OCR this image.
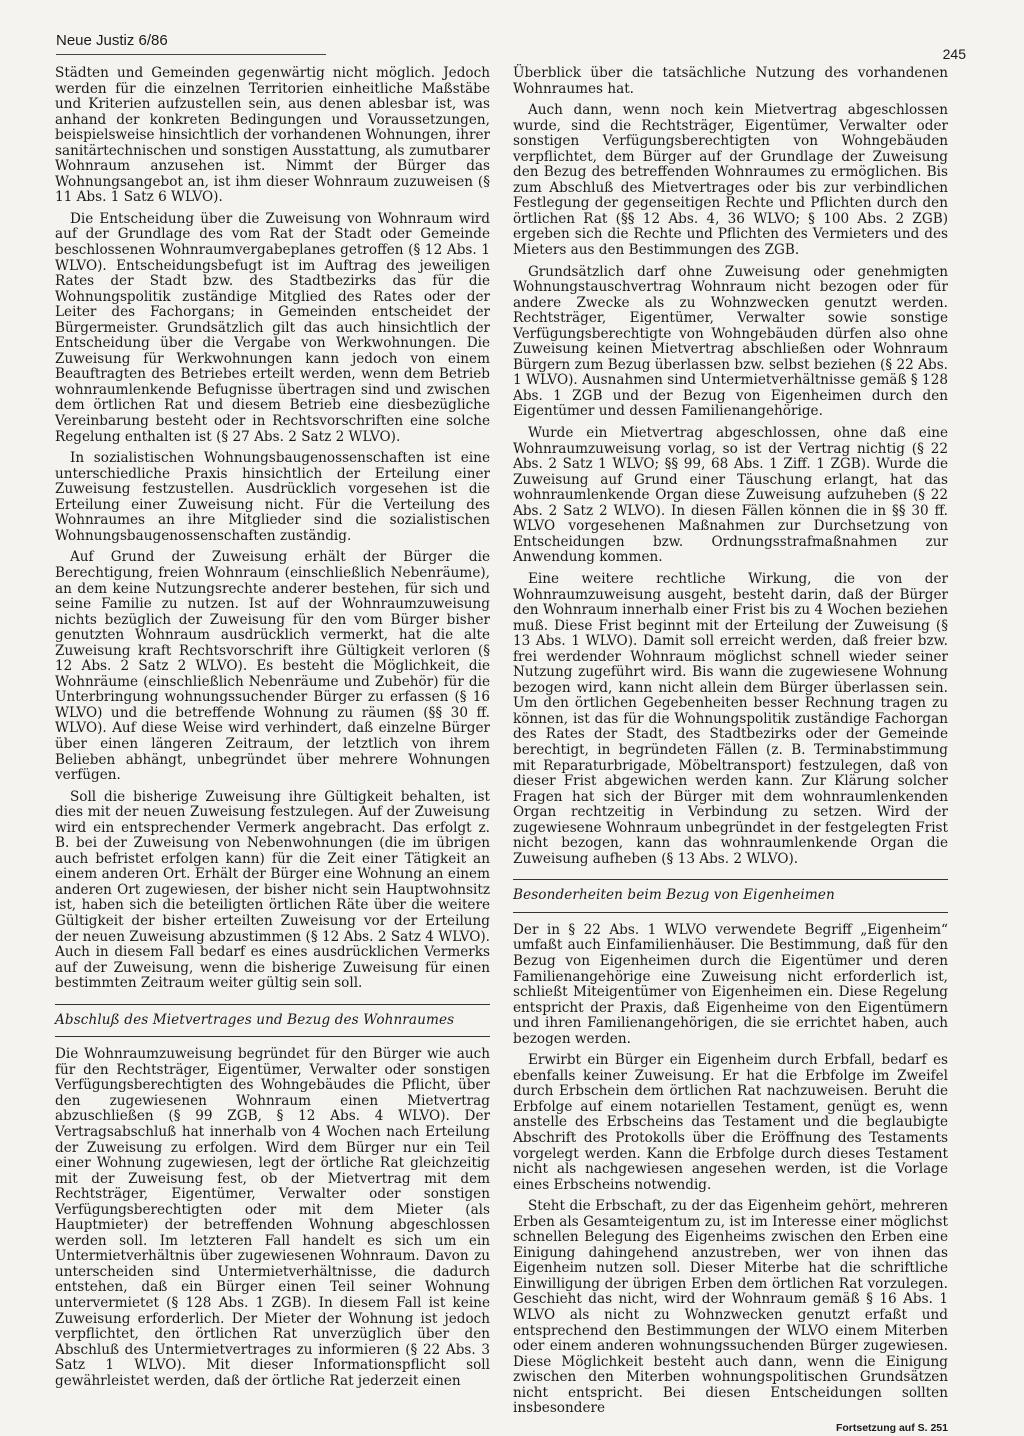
Neue Justiz 6/86
245

Städten und Gemeinden gegenwärtig nicht möglich. Jedoch werden für die einzelnen Territorien einheitliche Maßstäbe und Kriterien aufzustellen sein, aus denen ablesbar ist, was anhand der konkreten Bedingungen und Voraussetzungen, beispielsweise hinsichtlich der vorhandenen Wohnungen, ihrer sanitärtechnischen und sonstigen Ausstattung, als zumutbarer Wohnraum anzusehen ist. Nimmt der Bürger das Wohnungsangebot an, ist ihm dieser Wohnraum zuzuweisen (§ 11 Abs. 1 Satz 6 WLVO).

Die Entscheidung über die Zuweisung von Wohnraum wird auf der Grundlage des vom Rat der Stadt oder Gemeinde beschlossenen Wohnraumvergabeplanes getroffen (§ 12 Abs. 1 WLVO). Entscheidungsbefugt ist im Auftrag des jeweiligen Rates der Stadt bzw. des Stadtbezirks das für die Wohnungspolitik zuständige Mitglied des Rates oder der Leiter des Fachorgans; in Gemeinden entscheidet der Bürgermeister. Grundsätzlich gilt das auch hinsichtlich der Entscheidung über die Vergabe von Werkwohnungen. Die Zuweisung für Werkwohnungen kann jedoch von einem Beauftragten des Betriebes erteilt werden, wenn dem Betrieb wohnraumlenkende Befugnisse übertragen sind und zwischen dem örtlichen Rat und diesem Betrieb eine diesbezügliche Vereinbarung besteht oder in Rechtsvorschriften eine solche Regelung enthalten ist (§ 27 Abs. 2 Satz 2 WLVO).

In sozialistischen Wohnungsbaugenossenschaften ist eine unterschiedliche Praxis hinsichtlich der Erteilung einer Zuweisung festzustellen. Ausdrücklich vorgesehen ist die Erteilung einer Zuweisung nicht. Für die Verteilung des Wohnraumes an ihre Mitglieder sind die sozialistischen Wohnungsbaugenossenschaften zuständig.

Auf Grund der Zuweisung erhält der Bürger die Berechtigung, freien Wohnraum (einschließlich Nebenräume), an dem keine Nutzungsrechte anderer bestehen, für sich und seine Familie zu nutzen. Ist auf der Wohnraumzuweisung nichts bezüglich der Zuweisung für den vom Bürger bisher genutzten Wohnraum ausdrücklich vermerkt, hat die alte Zuweisung kraft Rechtsvorschrift ihre Gültigkeit verloren (§ 12 Abs. 2 Satz 2 WLVO). Es besteht die Möglichkeit, die Wohnräume (einschließlich Nebenräume und Zubehör) für die Unterbringung wohnungssuchender Bürger zu erfassen (§ 16 WLVO) und die betreffende Wohnung zu räumen (§§ 30 ff. WLVO). Auf diese Weise wird verhindert, daß einzelne Bürger über einen längeren Zeitraum, der letztlich von ihrem Belieben abhängt, unbegründet über mehrere Wohnungen verfügen.

Soll die bisherige Zuweisung ihre Gültigkeit behalten, ist dies mit der neuen Zuweisung festzulegen. Auf der Zuweisung wird ein entsprechender Vermerk angebracht. Das erfolgt z. B. bei der Zuweisung von Nebenwohnungen (die im übrigen auch befristet erfolgen kann) für die Zeit einer Tätigkeit an einem anderen Ort. Erhält der Bürger eine Wohnung an einem anderen Ort zugewiesen, der bisher nicht sein Hauptwohnsitz ist, haben sich die beteiligten örtlichen Räte über die weitere Gültigkeit der bisher erteilten Zuweisung vor der Erteilung der neuen Zuweisung abzustimmen (§ 12 Abs. 2 Satz 4 WLVO). Auch in diesem Fall bedarf es eines ausdrücklichen Vermerks auf der Zuweisung, wenn die bisherige Zuweisung für einen bestimmten Zeitraum weiter gültig sein soll.

Abschluß des Mietvertrages und Bezug des Wohnraumes

Die Wohnraumzuweisung begründet für den Bürger wie auch für den Rechtsträger, Eigentümer, Verwalter oder sonstigen Verfügungsberechtigten des Wohngebäudes die Pflicht, über den zugewiesenen Wohnraum einen Mietvertrag abzuschließen (§ 99 ZGB, § 12 Abs. 4 WLVO). Der Vertragsabschluß hat innerhalb von 4 Wochen nach Erteilung der Zuweisung zu erfolgen. Wird dem Bürger nur ein Teil einer Wohnung zugewiesen, legt der örtliche Rat gleichzeitig mit der Zuweisung fest, ob der Mietvertrag mit dem Rechtsträger, Eigentümer, Verwalter oder sonstigen Verfügungsberechtigten oder mit dem Mieter (als Hauptmieter) der betreffenden Wohnung abgeschlossen werden soll. Im letzteren Fall handelt es sich um ein Untermietverhältnis über zugewiesenen Wohnraum. Davon zu unterscheiden sind Untermietverhältnisse, die dadurch entstehen, daß ein Bürger einen Teil seiner Wohnung untervermietet (§ 128 Abs. 1 ZGB). In diesem Fall ist keine Zuweisung erforderlich. Der Mieter der Wohnung ist jedoch verpflichtet, den örtlichen Rat unverzüglich über den Abschluß des Untermietvertrages zu informieren (§ 22 Abs. 3 Satz 1 WLVO). Mit dieser Informationspflicht soll gewährleistet werden, daß der örtliche Rat jederzeit einen

Überblick über die tatsächliche Nutzung des vorhandenen Wohnraumes hat.

Auch dann, wenn noch kein Mietvertrag abgeschlossen wurde, sind die Rechtsträger, Eigentümer, Verwalter oder sonstigen Verfügungsberechtigten von Wohngebäuden verpflichtet, dem Bürger auf der Grundlage der Zuweisung den Bezug des betreffenden Wohnraumes zu ermöglichen. Bis zum Abschluß des Mietvertrages oder bis zur verbindlichen Festlegung der gegenseitigen Rechte und Pflichten durch den örtlichen Rat (§§ 12 Abs. 4, 36 WLVO; § 100 Abs. 2 ZGB) ergeben sich die Rechte und Pflichten des Vermieters und des Mieters aus den Bestimmungen des ZGB.

Grundsätzlich darf ohne Zuweisung oder genehmigten Wohnungstauschvertrag Wohnraum nicht bezogen oder für andere Zwecke als zu Wohnzwecken genutzt werden. Rechtsträger, Eigentümer, Verwalter sowie sonstige Verfügungsberechtigte von Wohngebäuden dürfen also ohne Zuweisung keinen Mietvertrag abschließen oder Wohnraum Bürgern zum Bezug überlassen bzw. selbst beziehen (§ 22 Abs. 1 WLVO). Ausnahmen sind Untermietverhältnisse gemäß § 128 Abs. 1 ZGB und der Bezug von Eigenheimen durch den Eigentümer und dessen Familienangehörige.

Wurde ein Mietvertrag abgeschlossen, ohne daß eine Wohnraumzuweisung vorlag, so ist der Vertrag nichtig (§ 22 Abs. 2 Satz 1 WLVO; §§ 99, 68 Abs. 1 Ziff. 1 ZGB). Wurde die Zuweisung auf Grund einer Täuschung erlangt, hat das wohnraumlenkende Organ diese Zuweisung aufzuheben (§ 22 Abs. 2 Satz 2 WLVO). In diesen Fällen können die in §§ 30 ff. WLVO vorgesehenen Maßnahmen zur Durchsetzung von Entscheidungen bzw. Ordnungsstrafmaßnahmen zur Anwendung kommen.

Eine weitere rechtliche Wirkung, die von der Wohnraumzuweisung ausgeht, besteht darin, daß der Bürger den Wohnraum innerhalb einer Frist bis zu 4 Wochen beziehen muß. Diese Frist beginnt mit der Erteilung der Zuweisung (§ 13 Abs. 1 WLVO). Damit soll erreicht werden, daß freier bzw. frei werdender Wohnraum möglichst schnell wieder seiner Nutzung zugeführt wird. Bis wann die zugewiesene Wohnung bezogen wird, kann nicht allein dem Bürger überlassen sein. Um den örtlichen Gegebenheiten besser Rechnung tragen zu können, ist das für die Wohnungspolitik zuständige Fachorgan des Rates der Stadt, des Stadtbezirks oder der Gemeinde berechtigt, in begründeten Fällen (z. B. Terminabstimmung mit Reparaturbrigade, Möbeltransport) festzulegen, daß von dieser Frist abgewichen werden kann. Zur Klärung solcher Fragen hat sich der Bürger mit dem wohnraumlenkenden Organ rechtzeitig in Verbindung zu setzen. Wird der zugewiesene Wohnraum unbegründet in der festgelegten Frist nicht bezogen, kann das wohnraumlenkende Organ die Zuweisung aufheben (§ 13 Abs. 2 WLVO).

Besonderheiten beim Bezug von Eigenheimen

Der in § 22 Abs. 1 WLVO verwendete Begriff „Eigenheim“ umfaßt auch Einfamilienhäuser. Die Bestimmung, daß für den Bezug von Eigenheimen durch die Eigentümer und deren Familienangehörige eine Zuweisung nicht erforderlich ist, schließt Miteigentümer von Eigenheimen ein. Diese Regelung entspricht der Praxis, daß Eigenheime von den Eigentümern und ihren Familienangehörigen, die sie errichtet haben, auch bezogen werden.

Erwirbt ein Bürger ein Eigenheim durch Erbfall, bedarf es ebenfalls keiner Zuweisung. Er hat die Erbfolge im Zweifel durch Erbschein dem örtlichen Rat nachzuweisen. Beruht die Erbfolge auf einem notariellen Testament, genügt es, wenn anstelle des Erbscheins das Testament und die beglaubigte Abschrift des Protokolls über die Eröffnung des Testaments vorgelegt werden. Kann die Erbfolge durch dieses Testament nicht als nachgewiesen angesehen werden, ist die Vorlage eines Erbscheins notwendig.

Steht die Erbschaft, zu der das Eigenheim gehört, mehreren Erben als Gesamteigentum zu, ist im Interesse einer möglichst schnellen Belegung des Eigenheims zwischen den Erben eine Einigung dahingehend anzustreben, wer von ihnen das Eigenheim nutzen soll. Dieser Miterbe hat die schriftliche Einwilligung der übrigen Erben dem örtlichen Rat vorzulegen. Geschieht das nicht, wird der Wohnraum gemäß § 16 Abs. 1 WLVO als nicht zu Wohnzwecken genutzt erfaßt und entsprechend den Bestimmungen der WLVO einem Miterben oder einem anderen wohnungssuchenden Bürger zugewiesen. Diese Möglichkeit besteht auch dann, wenn die Einigung zwischen den Miterben wohnungspolitischen Grundsätzen nicht entspricht. Bei diesen Entscheidungen sollten insbesondere

Fortsetzung auf S. 251
